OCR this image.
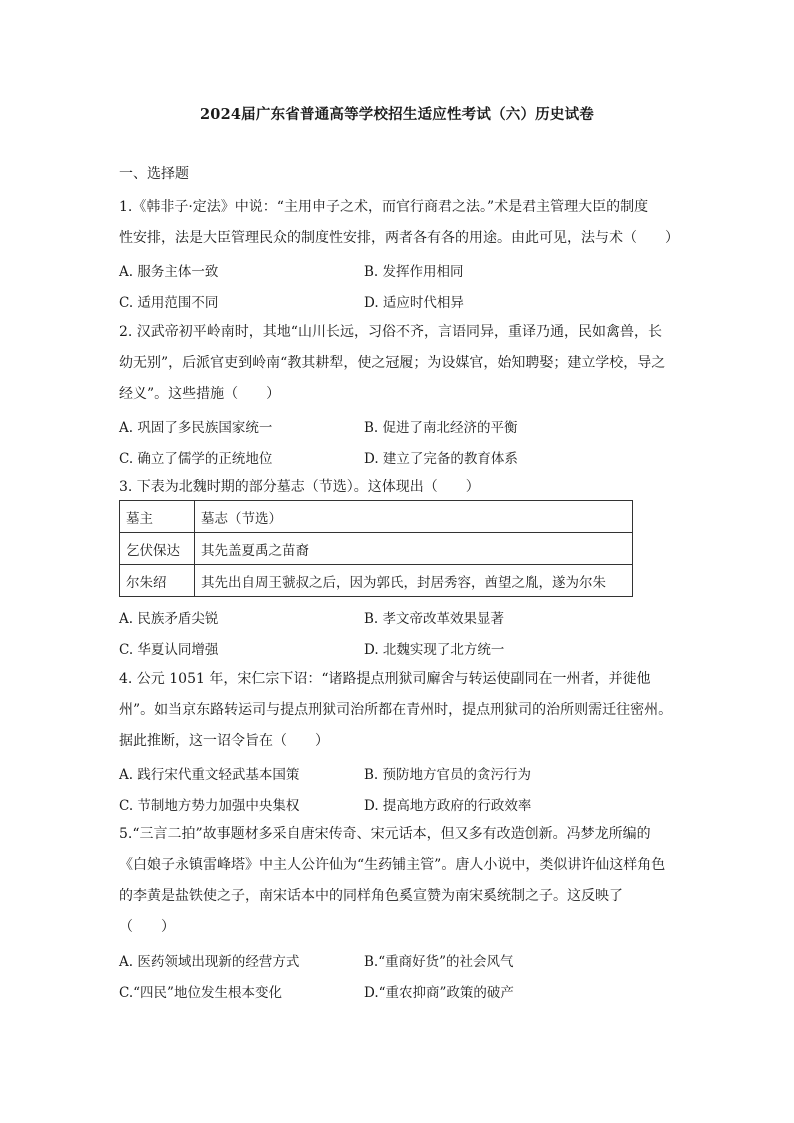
2024届广东省普通高等学校招生适应性考试（六）历史试卷
一、选择题
1.《韩非子·定法》中说：“主用申子之术，而官行商君之法。”术是君主管理大臣的制度
性安排，法是大臣管理民众的制度性安排，两者各有各的用途。由此可见，法与术（　　）
A. 服务主体一致	B. 发挥作用相同
C. 适用范围不同	D. 适应时代相异
2. 汉武帝初平岭南时，其地“山川长远，习俗不齐，言语同异，重译乃通，民如禽兽，长
幼无别”，后派官吏到岭南“教其耕犁，使之冠履；为设媒官，始知聘娶；建立学校，导之
经义”。这些措施（　　）
A. 巩固了多民族国家统一	B. 促进了南北经济的平衡
C. 确立了儒学的正统地位	D. 建立了完备的教育体系
3. 下表为北魏时期的部分墓志（节选）。这体现出（　　）
墓主	墓志（节选）
乞伏保达	其先盖夏禹之苗裔
尔朱绍	其先出自周王虢叔之后，因为郭氏，封居秀容，酋望之胤，遂为尔朱
A. 民族矛盾尖锐	B. 孝文帝改革效果显著
C. 华夏认同增强	D. 北魏实现了北方统一
4. 公元 1051 年，宋仁宗下诏：“诸路提点刑狱司廨舍与转运使副同在一州者，并徙他
州”。如当京东路转运司与提点刑狱司治所都在青州时，提点刑狱司的治所则需迁往密州。
据此推断，这一诏令旨在（　　）
A. 践行宋代重文轻武基本国策	B. 预防地方官员的贪污行为
C. 节制地方势力加强中央集权	D. 提高地方政府的行政效率
5.“三言二拍”故事题材多采自唐宋传奇、宋元话本，但又多有改造创新。冯梦龙所编的
《白娘子永镇雷峰塔》中主人公许仙为“生药铺主管”。唐人小说中，类似讲许仙这样角色
的李黄是盐铁使之子，南宋话本中的同样角色奚宣赞为南宋奚统制之子。这反映了
（　　）
A. 医药领域出现新的经营方式	B.“重商好货”的社会风气
C.“四民”地位发生根本变化	D.“重农抑商”政策的破产
